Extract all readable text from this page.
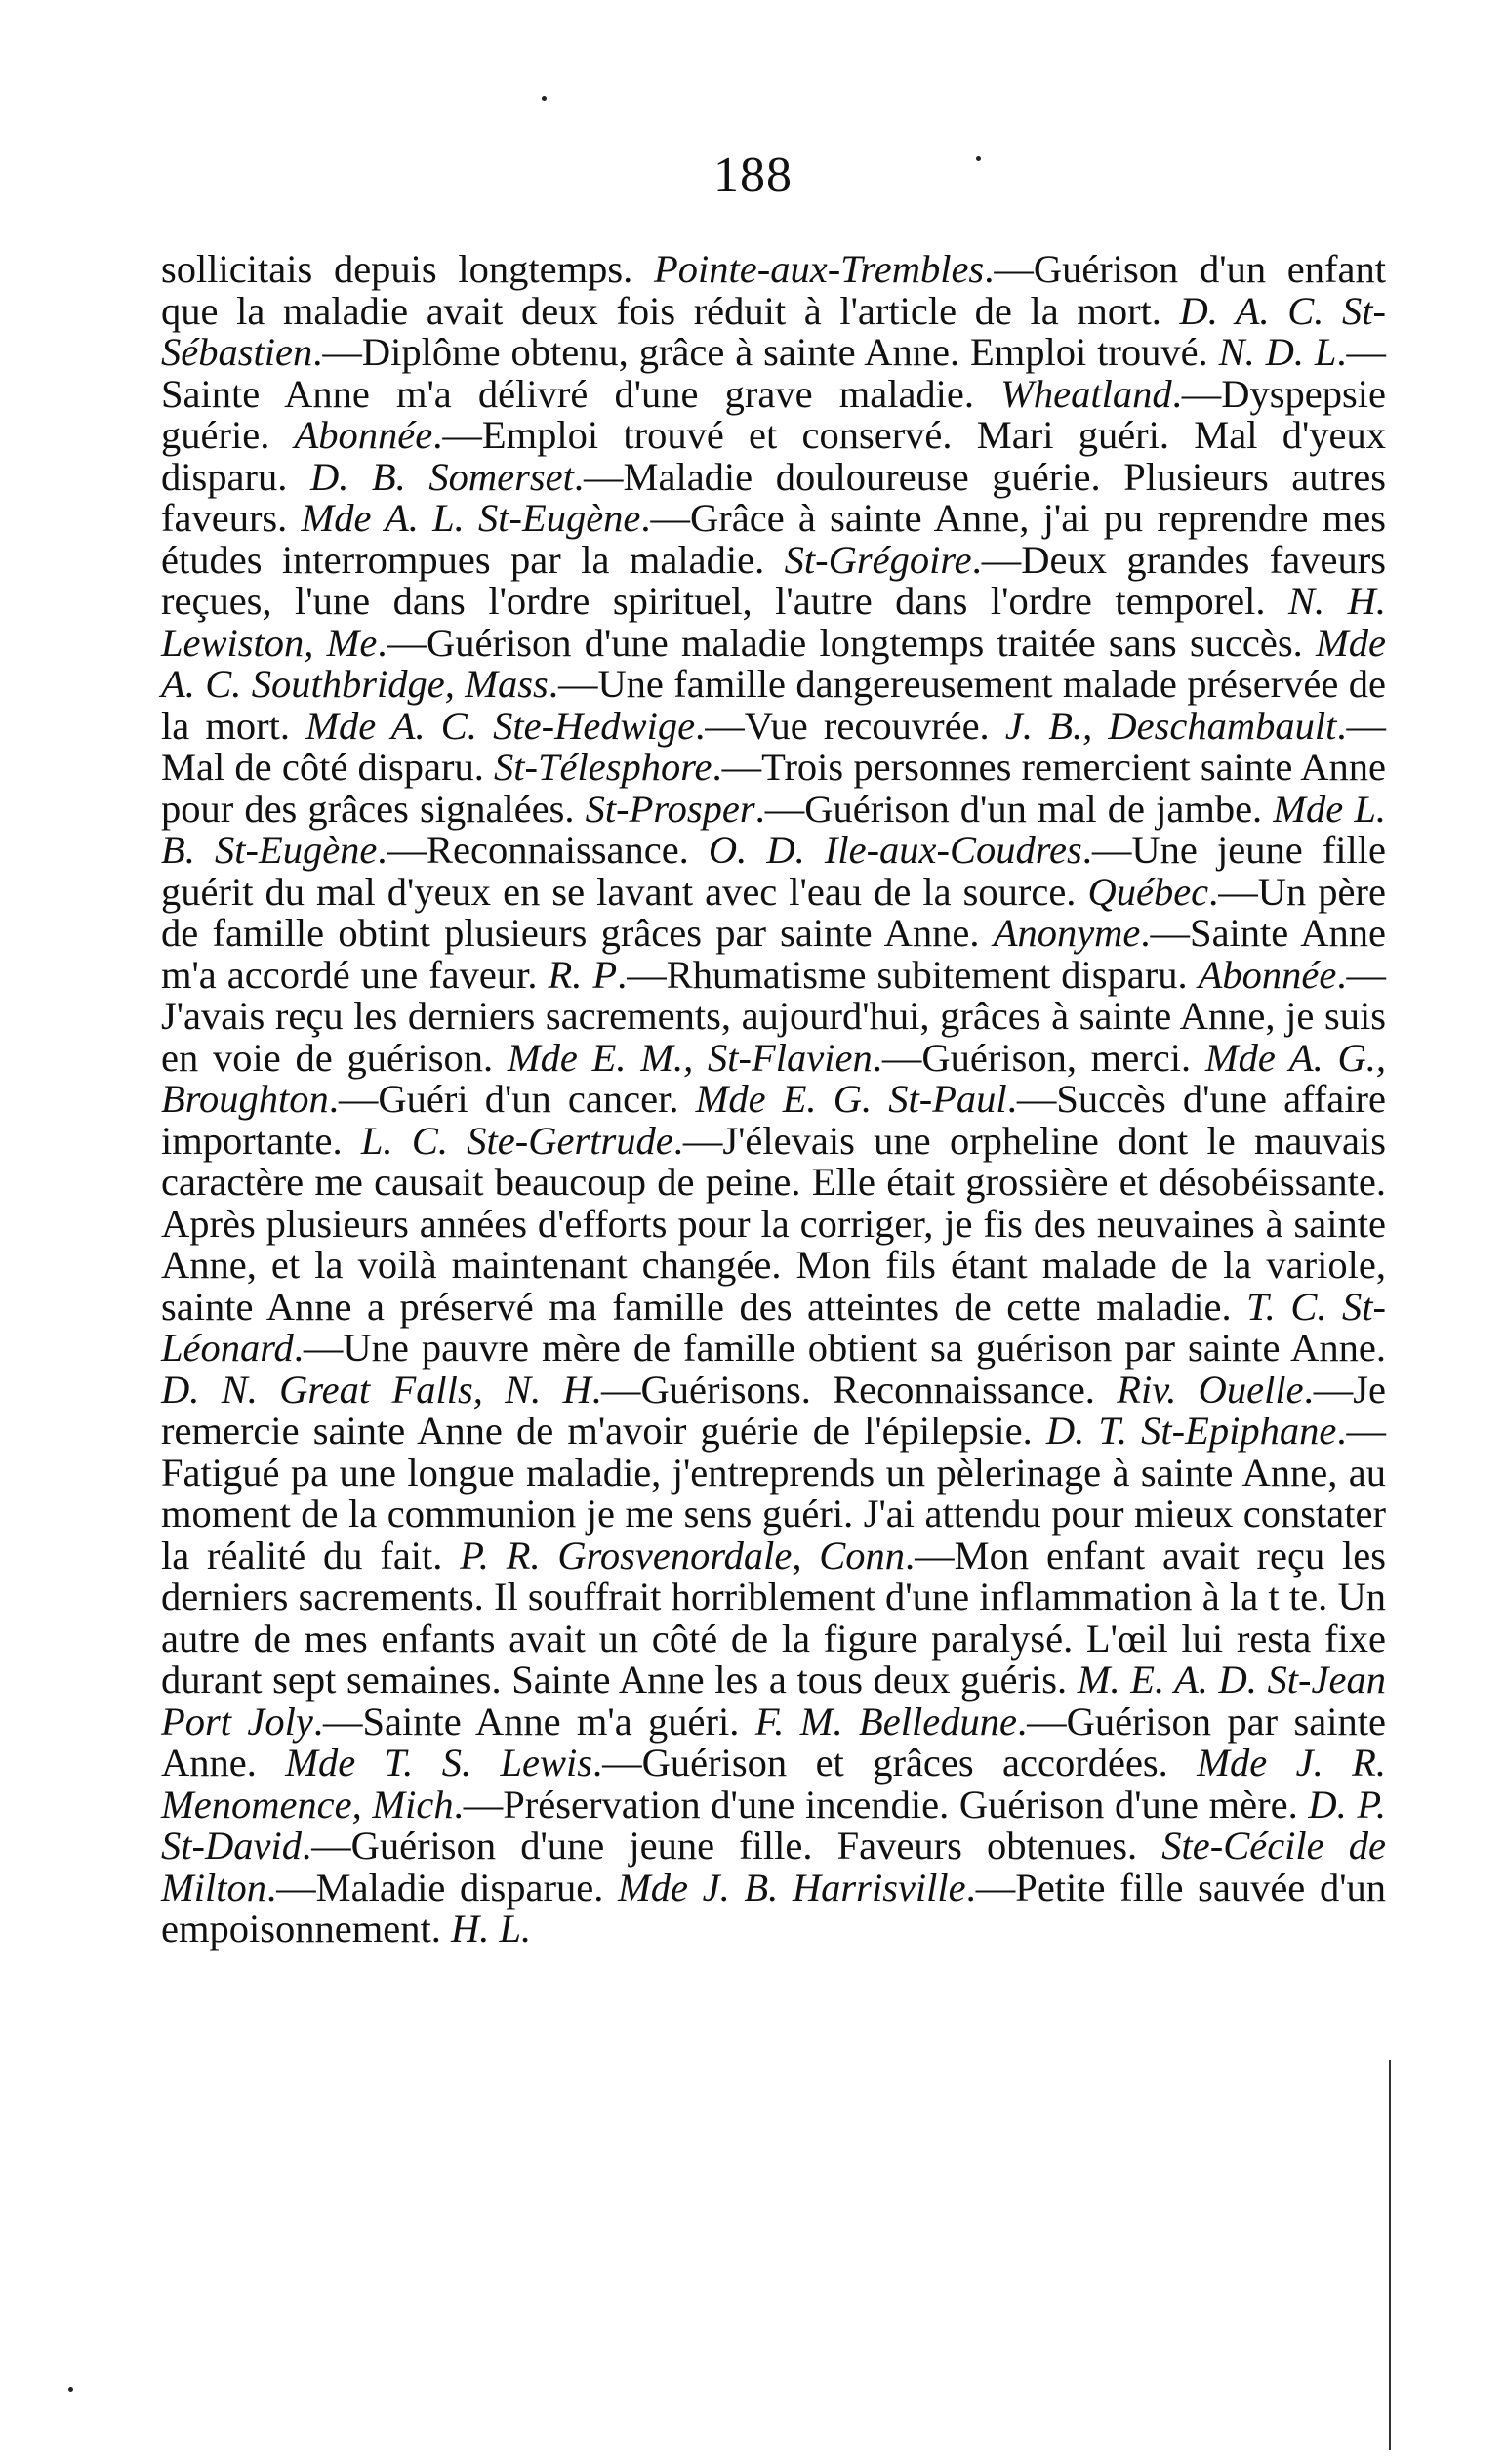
188
sollicitais depuis longtemps. Pointe-aux-Trembles.—Guérison d'un enfant que la maladie avait deux fois réduit à l'article de la mort. D. A. C. St-Sébastien.—Diplôme obtenu, grâce à sainte Anne. Emploi trouvé. N. D. L.—Sainte Anne m'a délivré d'une grave maladie. Wheatland.—Dyspepsie guérie. Abonnée.—Emploi trouvé et conservé. Mari guéri. Mal d'yeux disparu. D. B. Somerset.—Maladie douloureuse guérie. Plusieurs autres faveurs. Mde A. L. St-Eugène.—Grâce à sainte Anne, j'ai pu reprendre mes études interrompues par la maladie. St-Grégoire.—Deux grandes faveurs reçues, l'une dans l'ordre spirituel, l'autre dans l'ordre temporel. N. H. Lewiston, Me.—Guérison d'une maladie longtemps traitée sans succès. Mde A. C. Southbridge, Mass.—Une famille dangereusement malade préservée de la mort. Mde A. C. Ste-Hedwige.—Vue recouvrée. J. B., Deschambault.—Mal de côté disparu. St-Télesphore.—Trois personnes remercient sainte Anne pour des grâces signalées. St-Prosper.—Guérison d'un mal de jambe. Mde L. B. St-Eugène.—Reconnaissance. O. D. Ile-aux-Coudres.—Une jeune fille guérit du mal d'yeux en se lavant avec l'eau de la source. Québec.—Un père de famille obtint plusieurs grâces par sainte Anne. Anonyme.—Sainte Anne m'a accordé une faveur. R. P.—Rhumatisme subitement disparu. Abonnée.—J'avais reçu les derniers sacrements, aujourd'hui, grâces à sainte Anne, je suis en voie de guérison. Mde E. M., St-Flavien.—Guérison, merci. Mde A. G., Broughton.—Guéri d'un cancer. Mde E. G. St-Paul.—Succès d'une affaire importante. L. C. Ste-Gertrude.—J'élevais une orpheline dont le mauvais caractère me causait beaucoup de peine. Elle était grossière et désobéissante. Après plusieurs années d'efforts pour la corriger, je fis des neuvaines à sainte Anne, et la voilà maintenant changée. Mon fils étant malade de la variole, sainte Anne a préservé ma famille des atteintes de cette maladie. T. C. St-Léonard.—Une pauvre mère de famille obtient sa guérison par sainte Anne. D. N. Great Falls, N. H.—Guérisons. Reconnaissance. Riv. Ouelle.—Je remercie sainte Anne de m'avoir guérie de l'épilepsie. D. T. St-Epiphane.—Fatigué pa une longue maladie, j'entreprends un pèlerinage à sainte Anne, au moment de la communion je me sens guéri. J'ai attendu pour mieux constater la réalité du fait. P. R. Grosvenordale, Conn.—Mon enfant avait reçu les derniers sacrements. Il souffrait horriblement d'une inflammation à la t te. Un autre de mes enfants avait un côté de la figure paralysé. L'œil lui resta fixe durant sept semaines. Sainte Anne les a tous deux guéris. M. E. A. D. St-Jean Port Joly.—Sainte Anne m'a guéri. F. M. Belledune.—Guérison par sainte Anne. Mde T. S. Lewis.—Guérison et grâces accordées. Mde J. R. Menomence, Mich.—Préservation d'une incendie. Guérison d'une mère. D. P. St-David.—Guérison d'une jeune fille. Faveurs obtenues. Ste-Cécile de Milton.—Maladie disparue. Mde J. B. Harrisville.—Petite fille sauvée d'un empoisonnement. H. L.
